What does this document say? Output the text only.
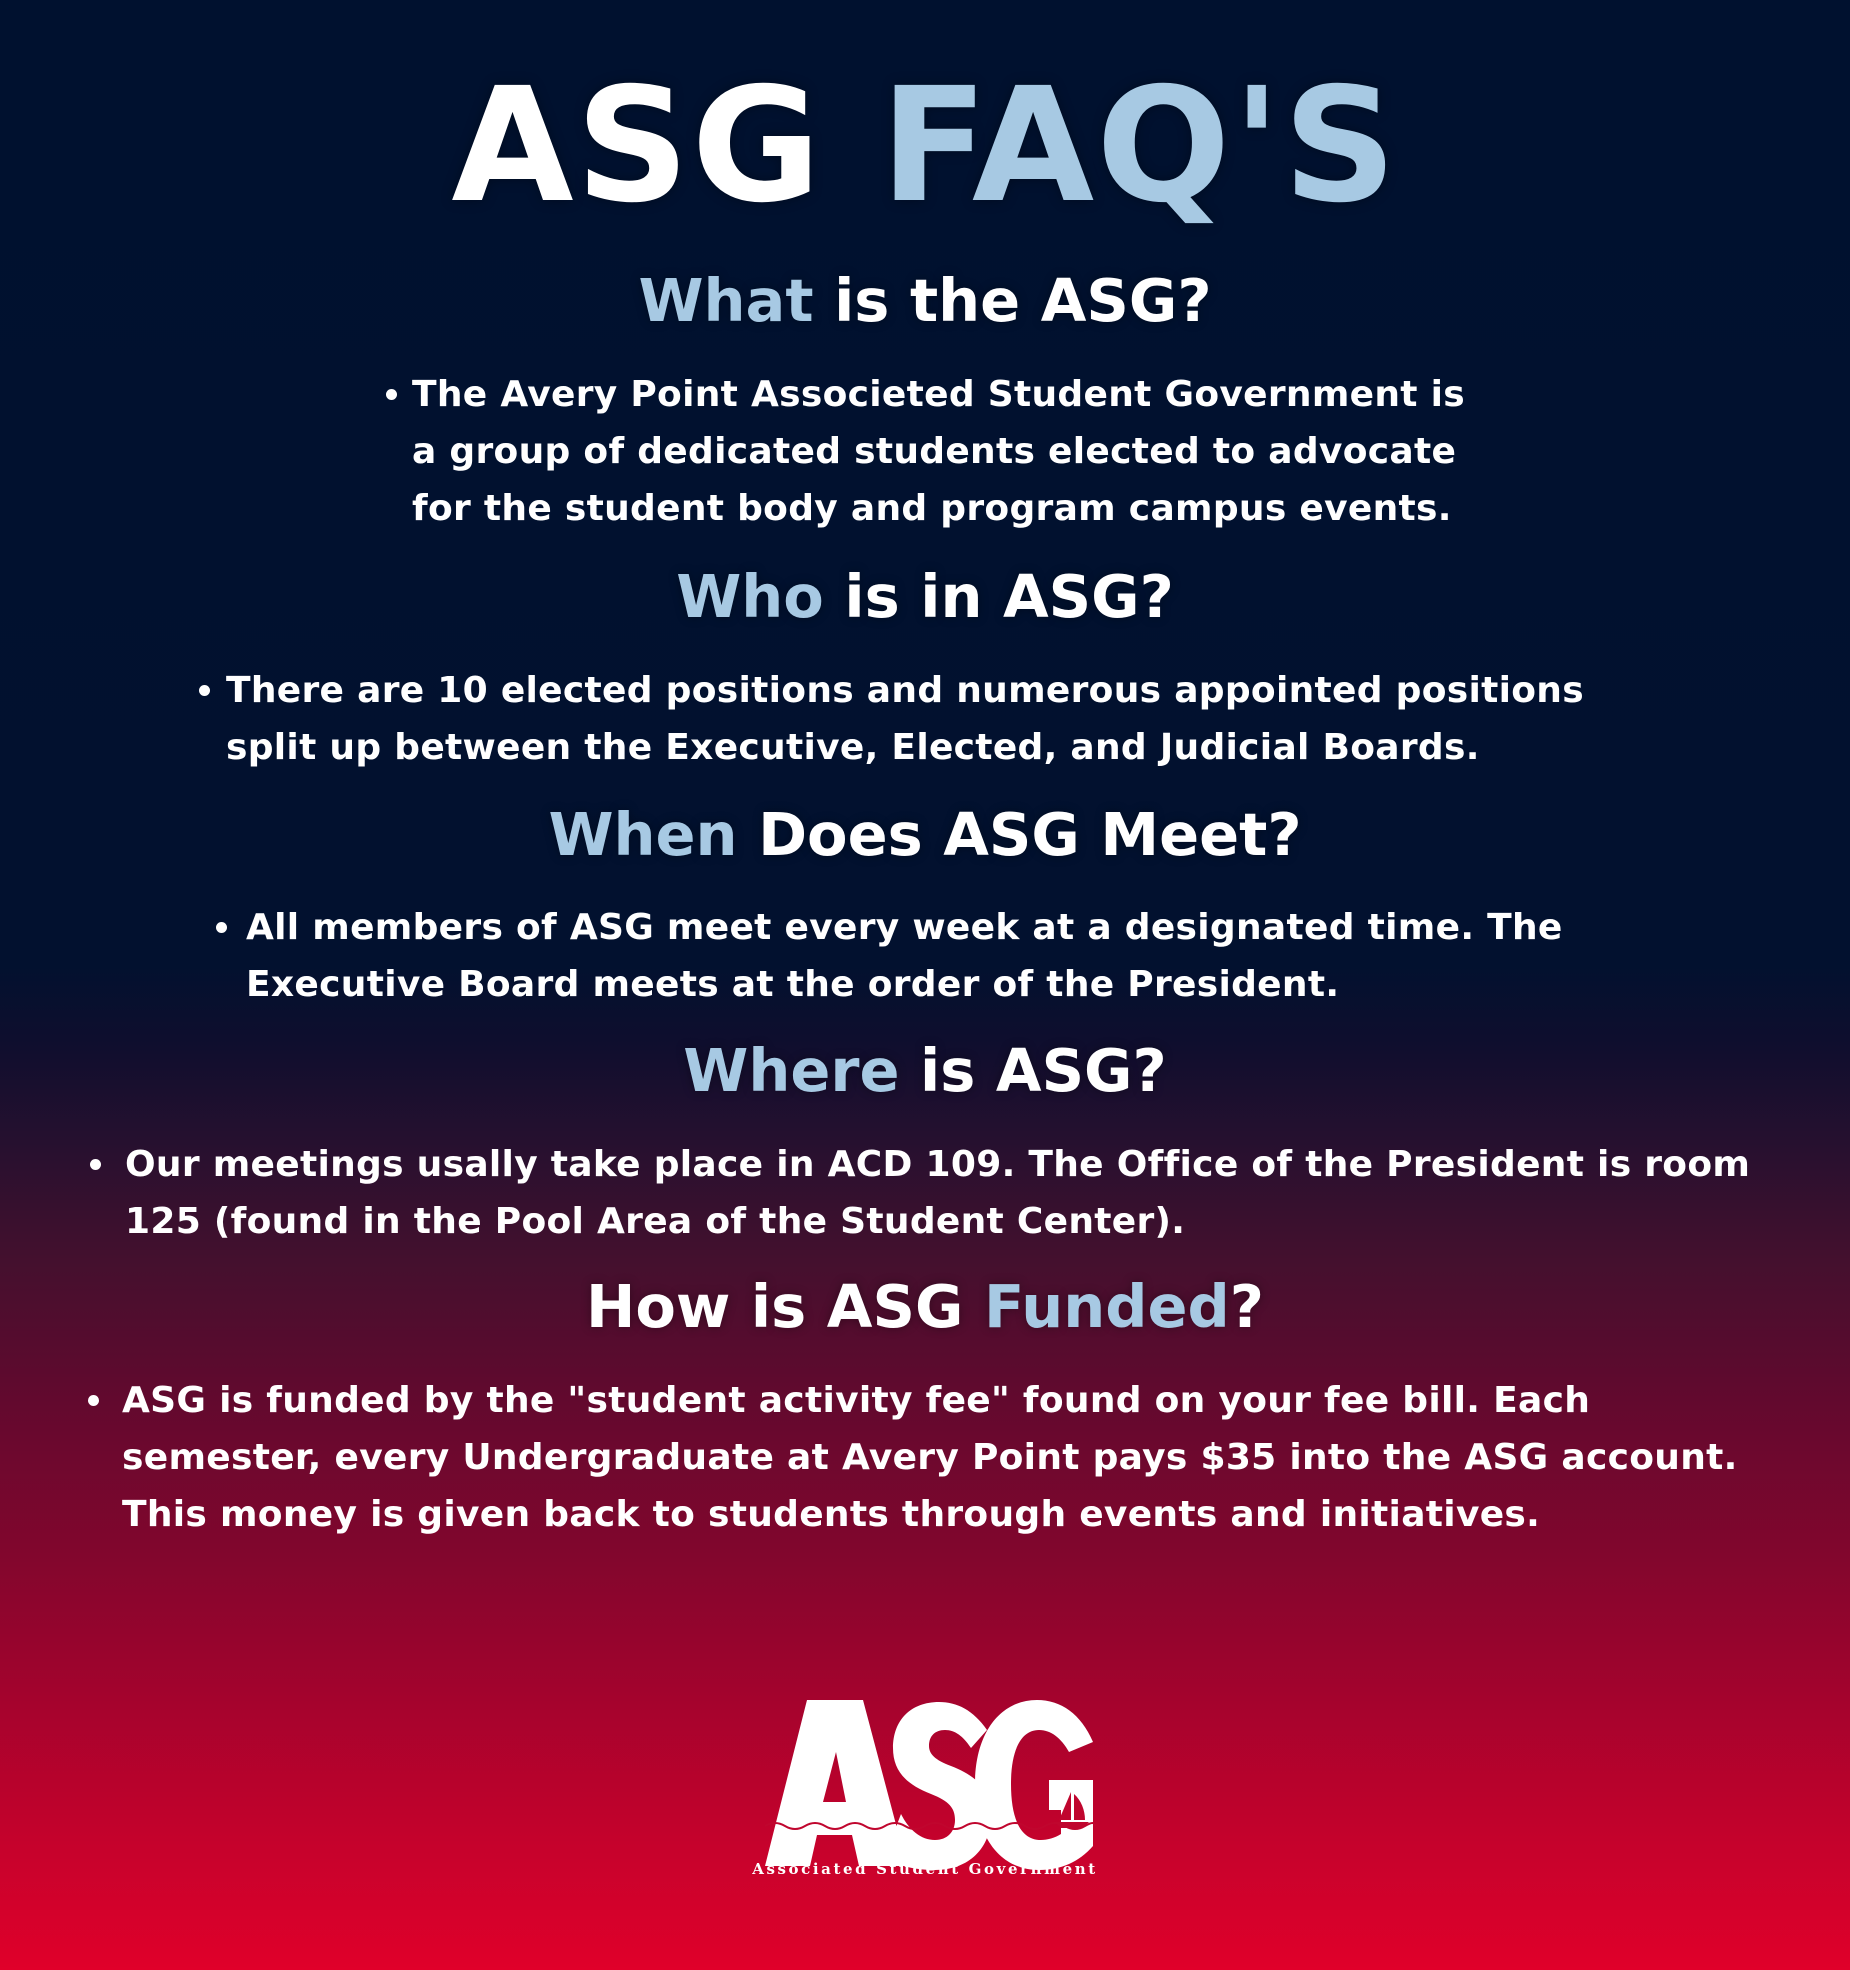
ASG FAQ'S
What is the ASG?
The Avery Point Associeted Student Government is
a group of dedicated students elected to advocate
for the student body and program campus events.
Who is in ASG?
There are 10 elected positions and numerous appointed positions
split up between the Executive, Elected, and Judicial Boards.
When Does ASG Meet?
All members of ASG meet every week at a designated time. The
Executive Board meets at the order of the President.
Where is ASG?
Our meetings usally take place in ACD 109. The Office of the President is room
125 (found in the Pool Area of the Student Center).
How is ASG Funded?
ASG is funded by the "student activity fee" found on your fee bill. Each
semester, every Undergraduate at Avery Point pays $35 into the ASG account.
This money is given back to students through events and initiatives.
Associated Student Government
